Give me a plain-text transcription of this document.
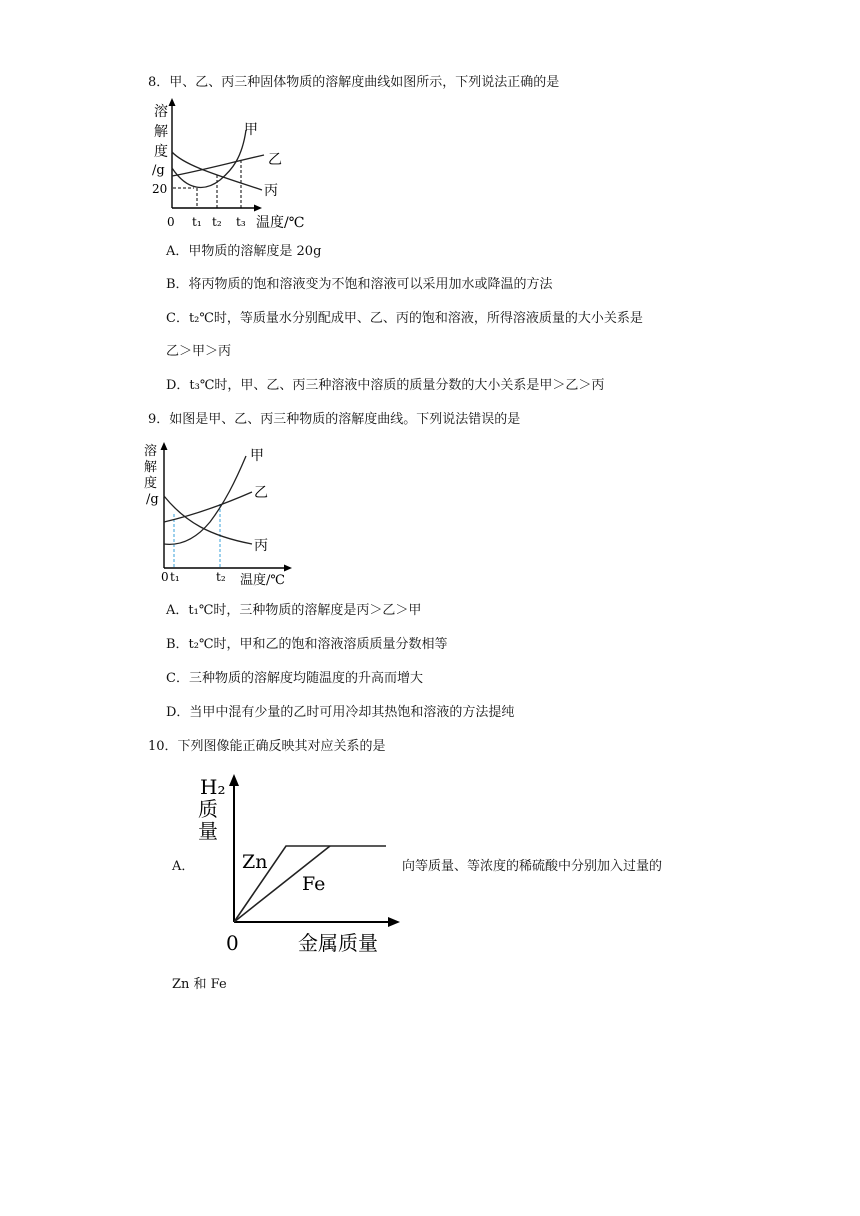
8．甲、乙、丙三种固体物质的溶解度曲线如图所示，下列说法正确的是
溶
解
度
/g
20
甲
乙
丙
0 t₁ t₂ t₃ 温度/℃
A．甲物质的溶解度是 20g
B．将丙物质的饱和溶液变为不饱和溶液可以采用加水或降温的方法
C．t₂℃时，等质量水分别配成甲、乙、丙的饱和溶液，所得溶液质量的大小关系是
乙＞甲＞丙
D．t₃℃时，甲、乙、丙三种溶液中溶质的质量分数的大小关系是甲＞乙＞丙
9．如图是甲、乙、丙三种物质的溶解度曲线。下列说法错误的是
溶
解
度
/g
甲
乙
丙
0 t₁	t₂ 温度/℃
A．t₁℃时，三种物质的溶解度是丙＞乙＞甲
B．t₂℃时，甲和乙的饱和溶液溶质质量分数相等
C．三种物质的溶解度均随温度的升高而增大
D．当甲中混有少量的乙时可用冷却其热饱和溶液的方法提纯
10．下列图像能正确反映其对应关系的是
A．
H₂
质
量
Zn
Fe
0	金属质量
向等质量、等浓度的稀硫酸中分别加入过量的
Zn 和 Fe
